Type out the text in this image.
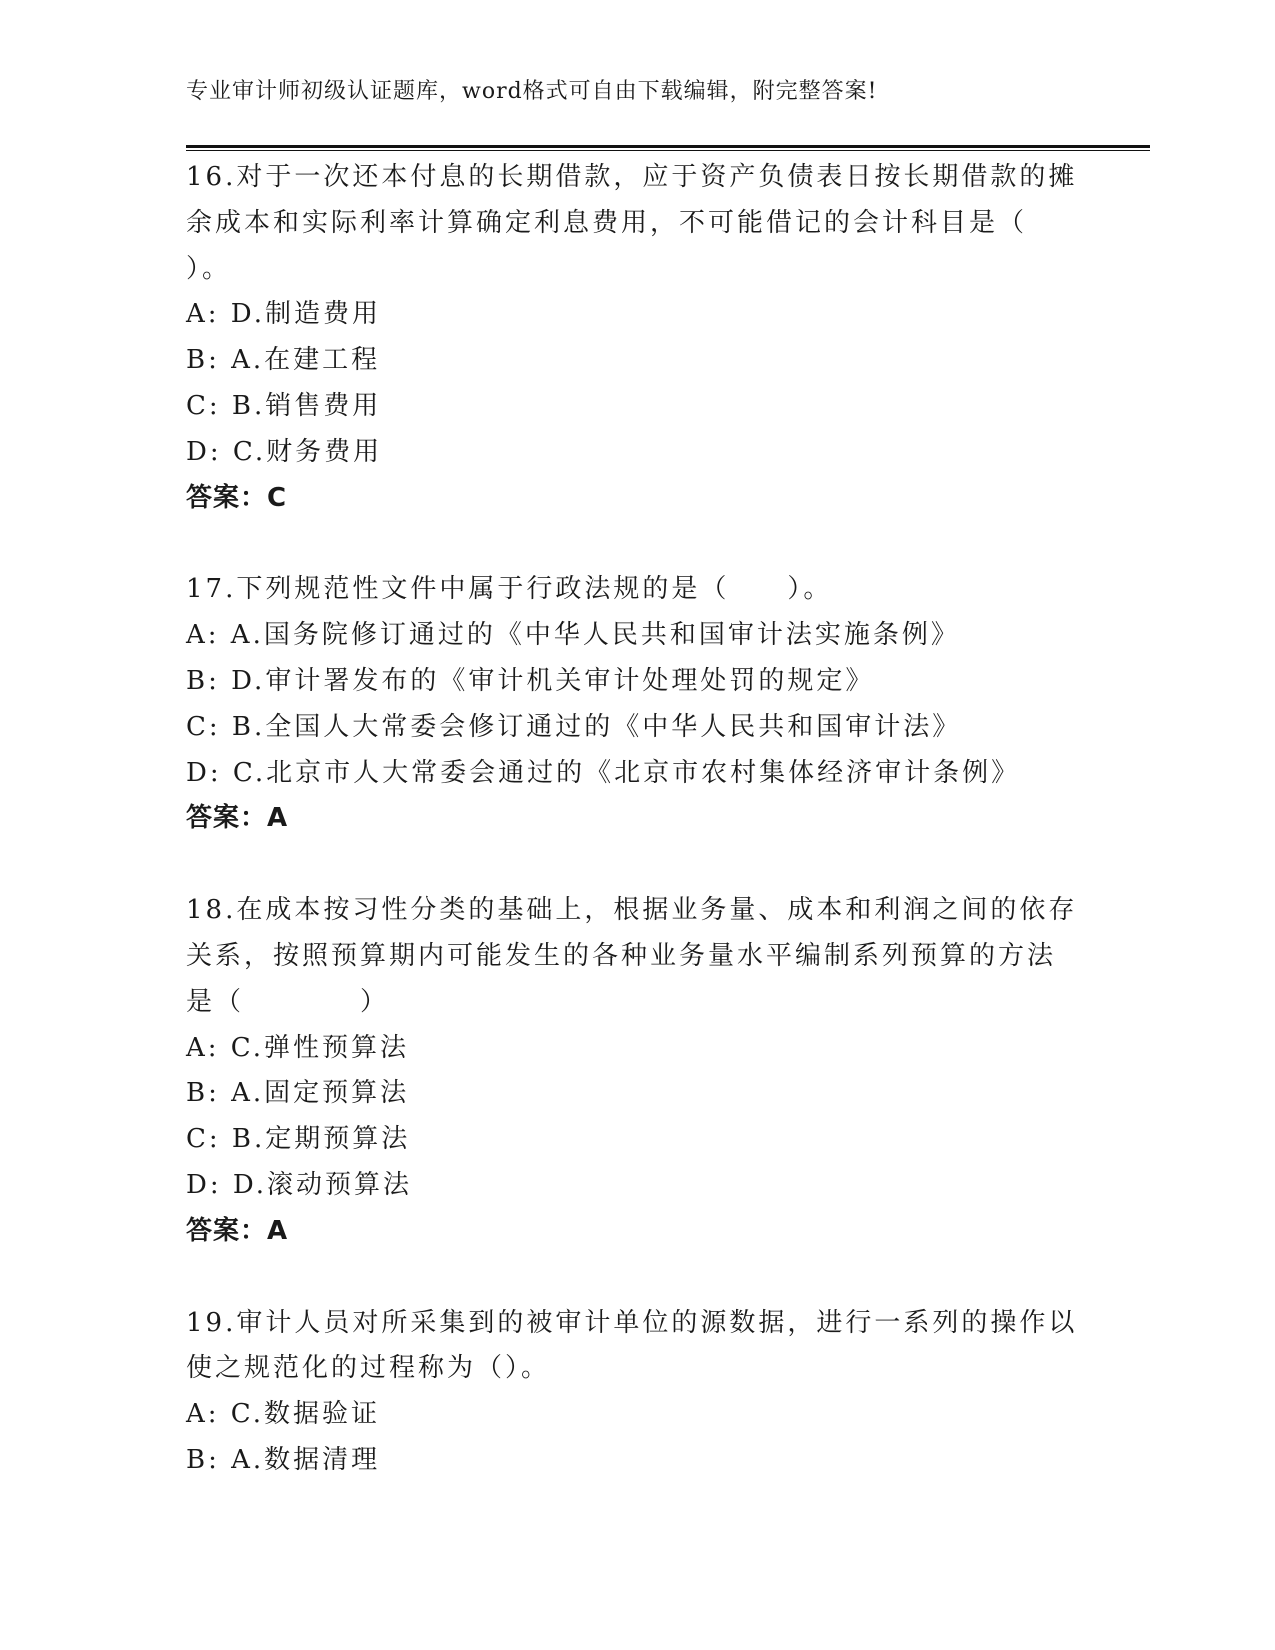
专业审计师初级认证题库，word格式可自由下载编辑，附完整答案!
16.对于一次还本付息的长期借款，应于资产负债表日按长期借款的摊
余成本和实际利率计算确定利息费用，不可能借记的会计科目是（
）。
A: D.制造费用
B: A.在建工程
C: B.销售费用
D: C.财务费用
答案：C
17.下列规范性文件中属于行政法规的是（　　）。
A: A.国务院修订通过的《中华人民共和国审计法实施条例》
B: D.审计署发布的《审计机关审计处理处罚的规定》
C: B.全国人大常委会修订通过的《中华人民共和国审计法》
D: C.北京市人大常委会通过的《北京市农村集体经济审计条例》
答案：A
18.在成本按习性分类的基础上，根据业务量、成本和利润之间的依存
关系，按照预算期内可能发生的各种业务量水平编制系列预算的方法
是（　　　　）
A: C.弹性预算法
B: A.固定预算法
C: B.定期预算法
D: D.滚动预算法
答案：A
19.审计人员对所采集到的被审计单位的源数据，进行一系列的操作以
使之规范化的过程称为（）。
A: C.数据验证
B: A.数据清理
